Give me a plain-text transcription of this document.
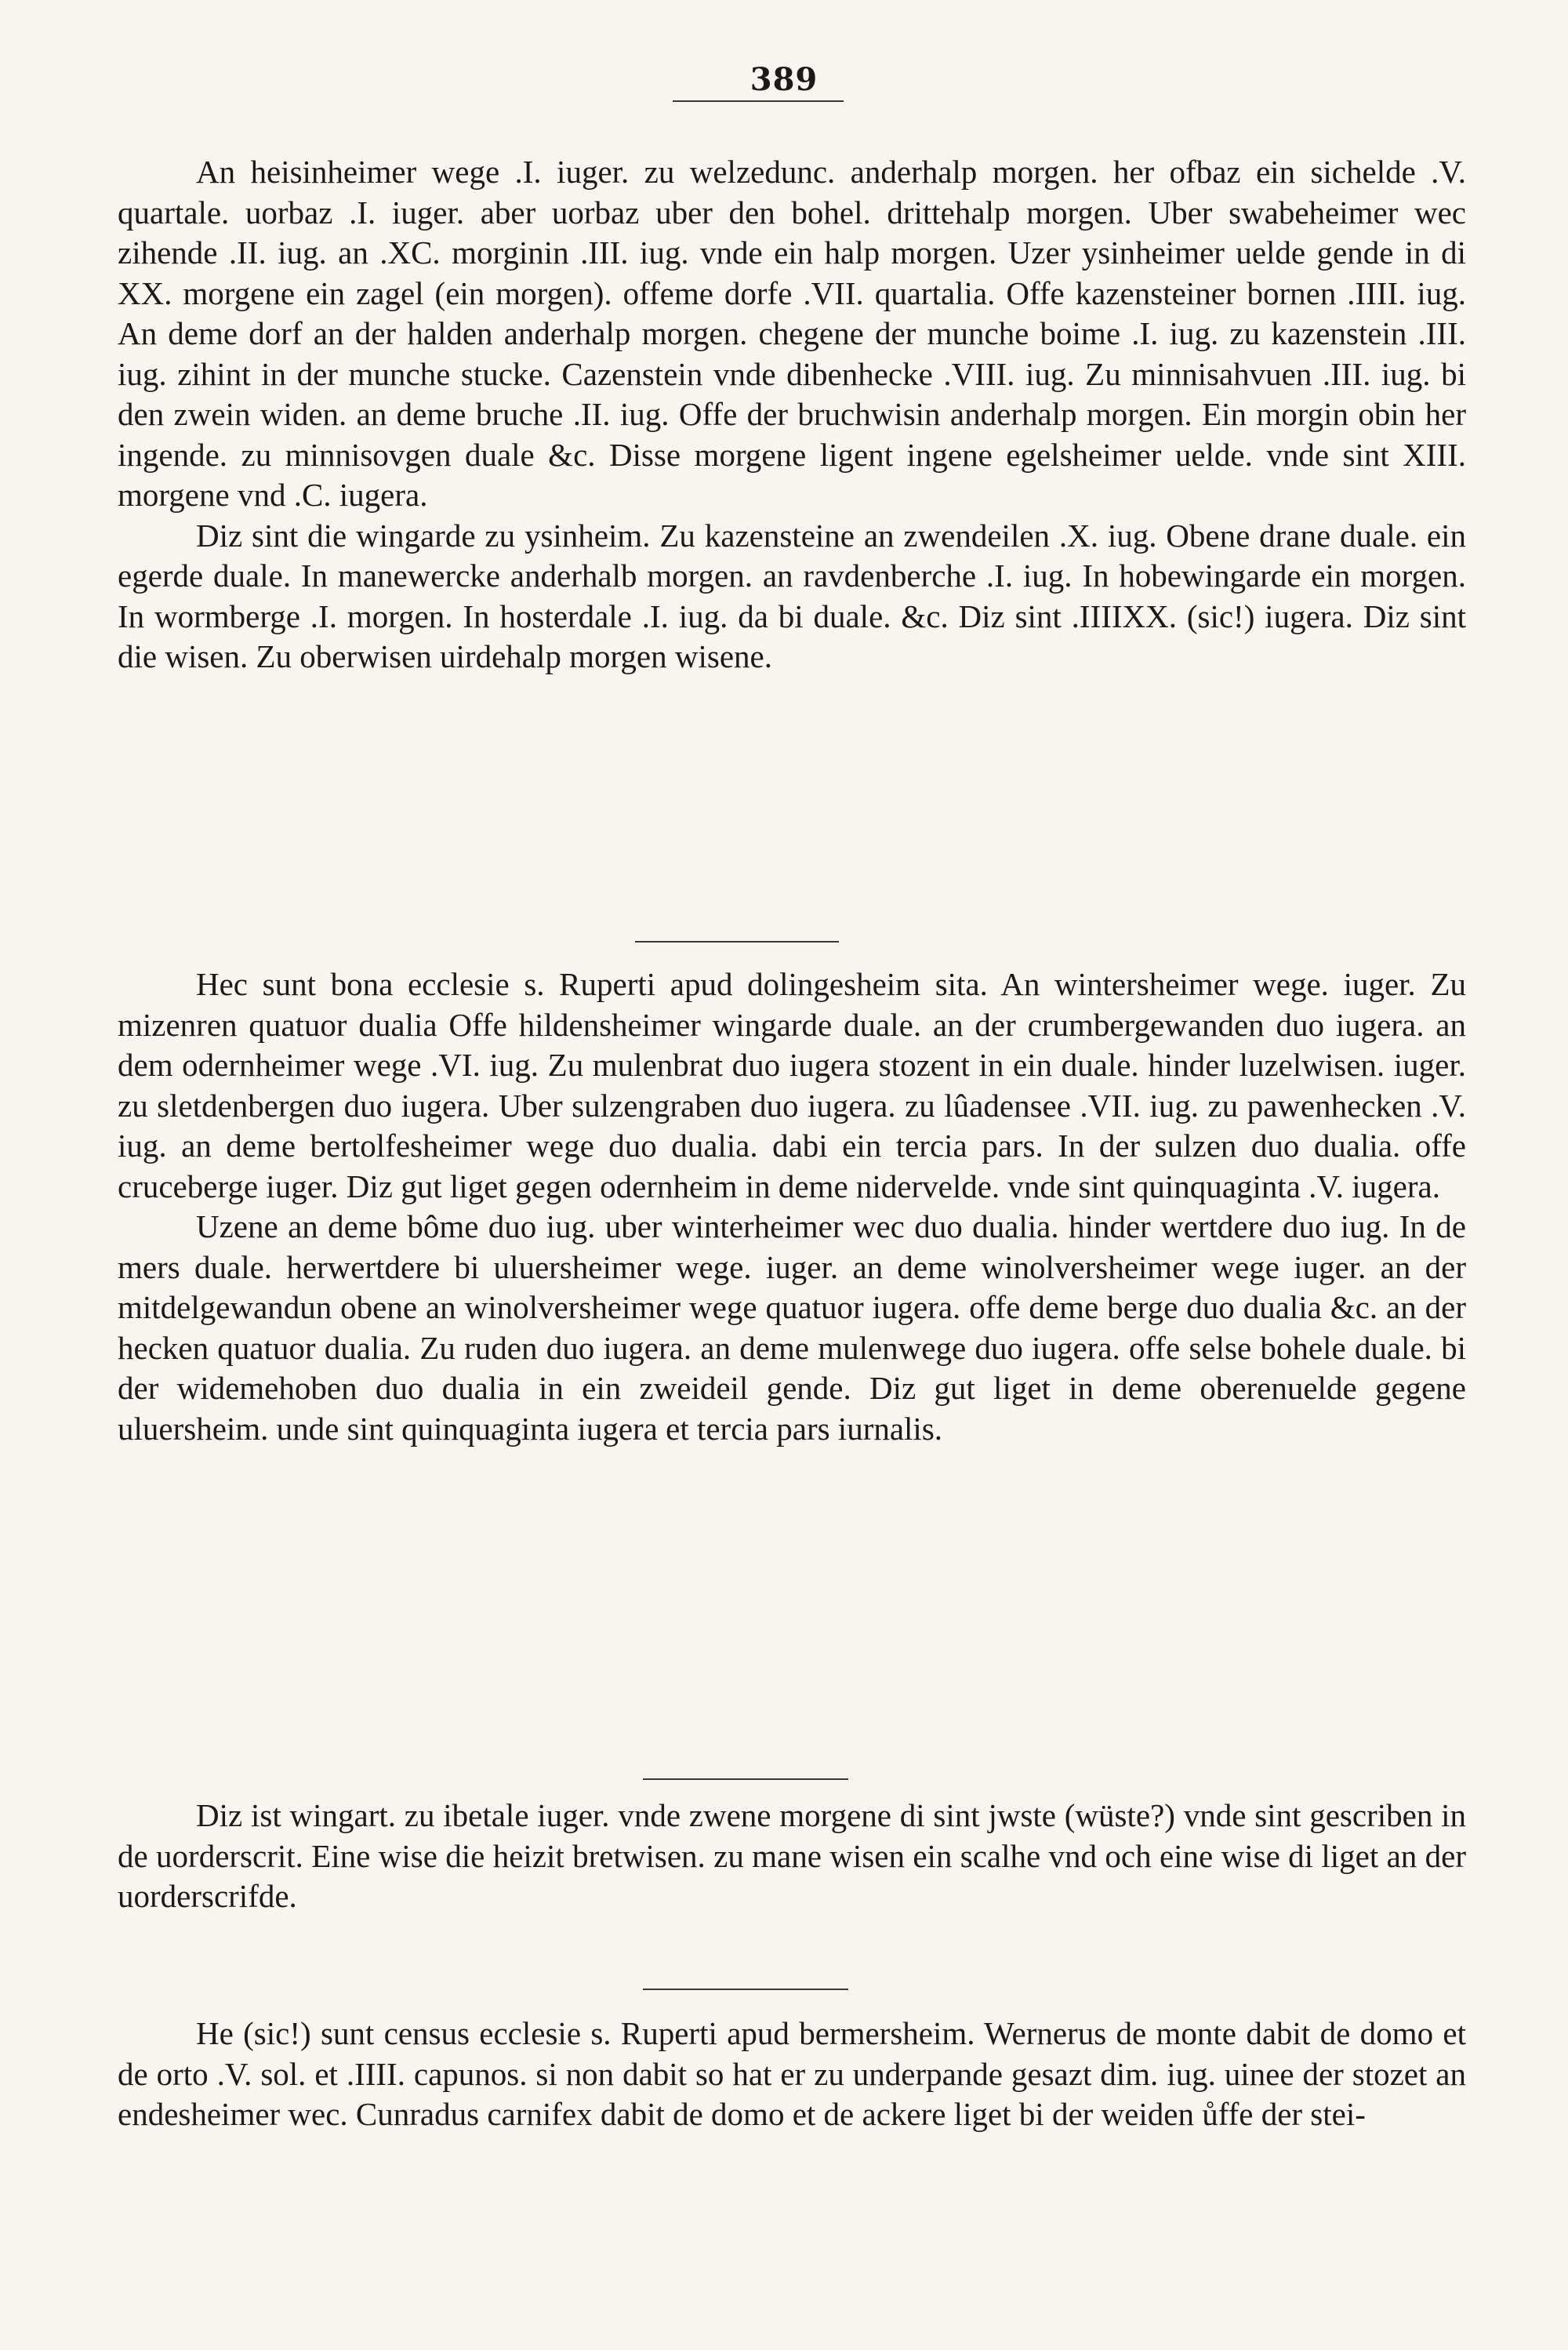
389

An heisinheimer wege .I. iuger. zu welzedunc. anderhalp morgen. her ofbaz ein sichelde .V. quartale. uorbaz .I. iuger. aber uorbaz uber den bohel. drittehalp morgen. Uber swabeheimer wec zihende .II. iug. an .XC. morginin .III. iug. vnde ein halp morgen. Uzer ysinheimer uelde gende in di XX. morgene ein zagel (ein morgen). offeme dorfe .VII. quartalia. Offe kazensteiner bornen .IIII. iug. An deme dorf an der halden anderhalp morgen. chegene der munche boime .I. iug. zu kazenstein .III. iug. zihint in der munche stucke. Cazenstein vnde dibenhecke .VIII. iug. Zu minnisahvuen .III. iug. bi den zwein widen. an deme bruche .II. iug. Offe der bruchwisin anderhalp morgen. Ein morgin obin her ingende. zu minnisovgen duale &c. Disse morgene ligent ingene egelsheimer uelde. vnde sint XIII. morgene vnd .C. iugera.

Diz sint die wingarde zu ysinheim. Zu kazensteine an zwendeilen .X. iug. Obene drane duale. ein egerde duale. In manewercke anderhalb morgen. an ravdenberche .I. iug. In hobewingarde ein morgen. In wormberge .I. morgen. In hosterdale .I. iug. da bi duale. &c. Diz sint .IIIIXX. (sic!) iugera. Diz sint die wisen. Zu oberwisen uirdehalp morgen wisene.

Hec sunt bona ecclesie s. Ruperti apud dolingesheim sita. An wintersheimer wege. iuger. Zu mizenren quatuor dualia Offe hildensheimer wingarde duale. an der crumbergewanden duo iugera. an dem odernheimer wege .VI. iug. Zu mulenbrat duo iugera stozent in ein duale. hinder luzelwisen. iuger. zu sletdenbergen duo iugera. Uber sulzengraben duo iugera. zu lûadensee .VII. iug. zu pawenhecken .V. iug. an deme bertolfesheimer wege duo dualia. dabi ein tercia pars. In der sulzen duo dualia. offe cruceberge iuger. Diz gut liget gegen odernheim in deme nidervelde. vnde sint quinquaginta .V. iugera.

Uzene an deme bôme duo iug. uber winterheimer wec duo dualia. hinder wertdere duo iug. In de mers duale. herwertdere bi uluersheimer wege. iuger. an deme winolversheimer wege iuger. an der mitdelgewandun obene an winolversheimer wege quatuor iugera. offe deme berge duo dualia &c. an der hecken quatuor dualia. Zu ruden duo iugera. an deme mulenwege duo iugera. offe selse bohele duale. bi der widemehoben duo dualia in ein zweideil gende. Diz gut liget in deme oberenuelde gegene uluersheim. unde sint quinquaginta iugera et tercia pars iurnalis.

Diz ist wingart. zu ibetale iuger. vnde zwene morgene di sint jwste (wüste?) vnde sint gescriben in de uorderscrit. Eine wise die heizit bretwisen. zu mane wisen ein scalhe vnd och eine wise di liget an der uorderscrifde.

He (sic!) sunt census ecclesie s. Ruperti apud bermersheim. Wernerus de monte dabit de domo et de orto .V. sol. et .IIII. capunos. si non dabit so hat er zu underpande gesazt dim. iug. uinee der stozet an endesheimer wec. Cunradus carnifex dabit de domo et de ackere liget bi der weiden ůffe der stei-
